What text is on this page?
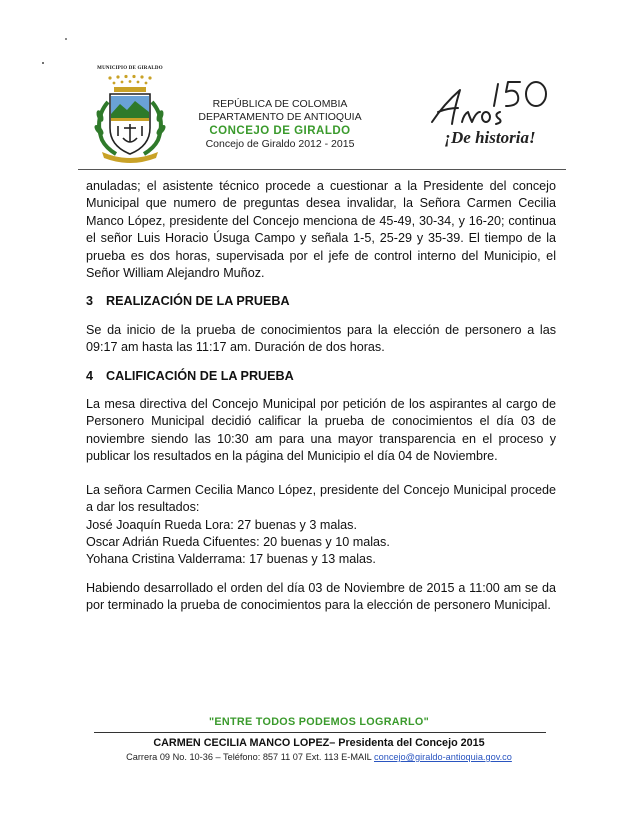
MUNICIPIO DE GIRALDO
REPÚBLICA DE COLOMBIA
DEPARTAMENTO DE ANTIOQUIA
CONCEJO DE GIRALDO
Concejo de Giraldo 2012 - 2015	¡De historia!

anuladas; el asistente técnico procede a cuestionar a la Presidente del concejo Municipal que numero de preguntas desea invalidar, la Señora Carmen Cecilia Manco López, presidente del Concejo menciona de 45-49, 30-34, y 16-20; continua el señor Luis Horacio Úsuga Campo y señala 1-5, 25-29 y 35-39. El tiempo de la prueba es dos horas, supervisada por el jefe de control interno del Municipio, el Señor William Alejandro Muñoz.

3 REALIZACIÓN DE LA PRUEBA

Se da inicio de la prueba de conocimientos para la elección de personero a las 09:17 am hasta las 11:17 am. Duración de dos horas.

4 CALIFICACIÓN DE LA PRUEBA

La mesa directiva del Concejo Municipal por petición de los aspirantes al cargo de Personero Municipal decidió calificar la prueba de conocimientos el día 03 de noviembre siendo las 10:30 am para una mayor transparencia en el proceso y publicar los resultados en la página del Municipio el día 04 de Noviembre.

La señora Carmen Cecilia Manco López, presidente del Concejo Municipal procede a dar los resultados:

José Joaquín Rueda Lora: 27 buenas y 3 malas.

Oscar Adrián Rueda Cifuentes: 20 buenas y 10 malas.

Yohana Cristina Valderrama: 17 buenas y 13 malas.

Habiendo desarrollado el orden del día 03 de Noviembre de 2015 a 11:00 am se da por terminado la prueba de conocimientos para la elección de personero Municipal.

"ENTRE TODOS PODEMOS LOGRARLO"
CARMEN CECILIA MANCO LOPEZ– Presidenta del Concejo 2015
Carrera 09 No. 10-36 – Teléfono: 857 11 07 Ext. 113 E-MAIL concejo@giraldo-antioquia.gov.co
